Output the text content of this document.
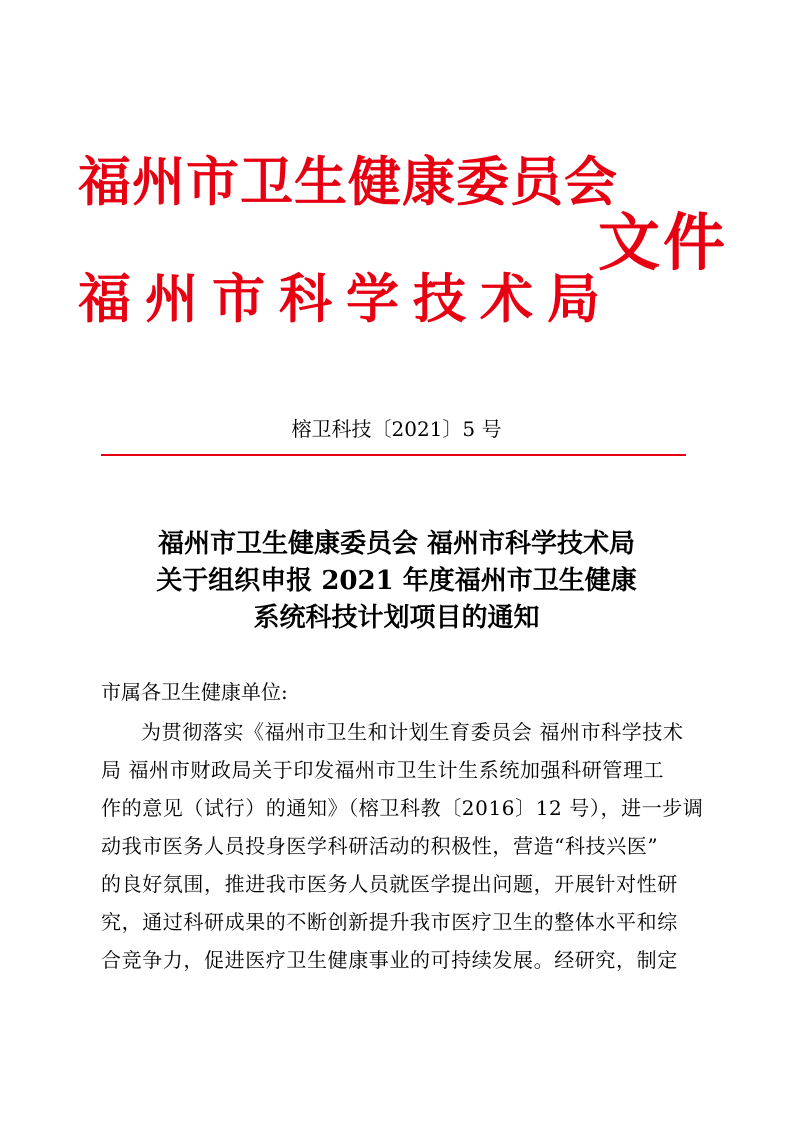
福州市卫生健康委员会
福州市科学技术局
文件
榕卫科技〔2021〕5 号
福州市卫生健康委员会 福州市科学技术局
关于组织申报 2021 年度福州市卫生健康
系统科技计划项目的通知
市属各卫生健康单位:
为贯彻落实《福州市卫生和计划生育委员会 福州市科学技术
局 福州市财政局关于印发福州市卫生计生系统加强科研管理工
作的意见（试行）的通知》（榕卫科教〔2016〕12 号），进一步调
动我市医务人员投身医学科研活动的积极性，营造“科技兴医”
的良好氛围，推进我市医务人员就医学提出问题，开展针对性研
究，通过科研成果的不断创新提升我市医疗卫生的整体水平和综
合竞争力，促进医疗卫生健康事业的可持续发展。经研究，制定
